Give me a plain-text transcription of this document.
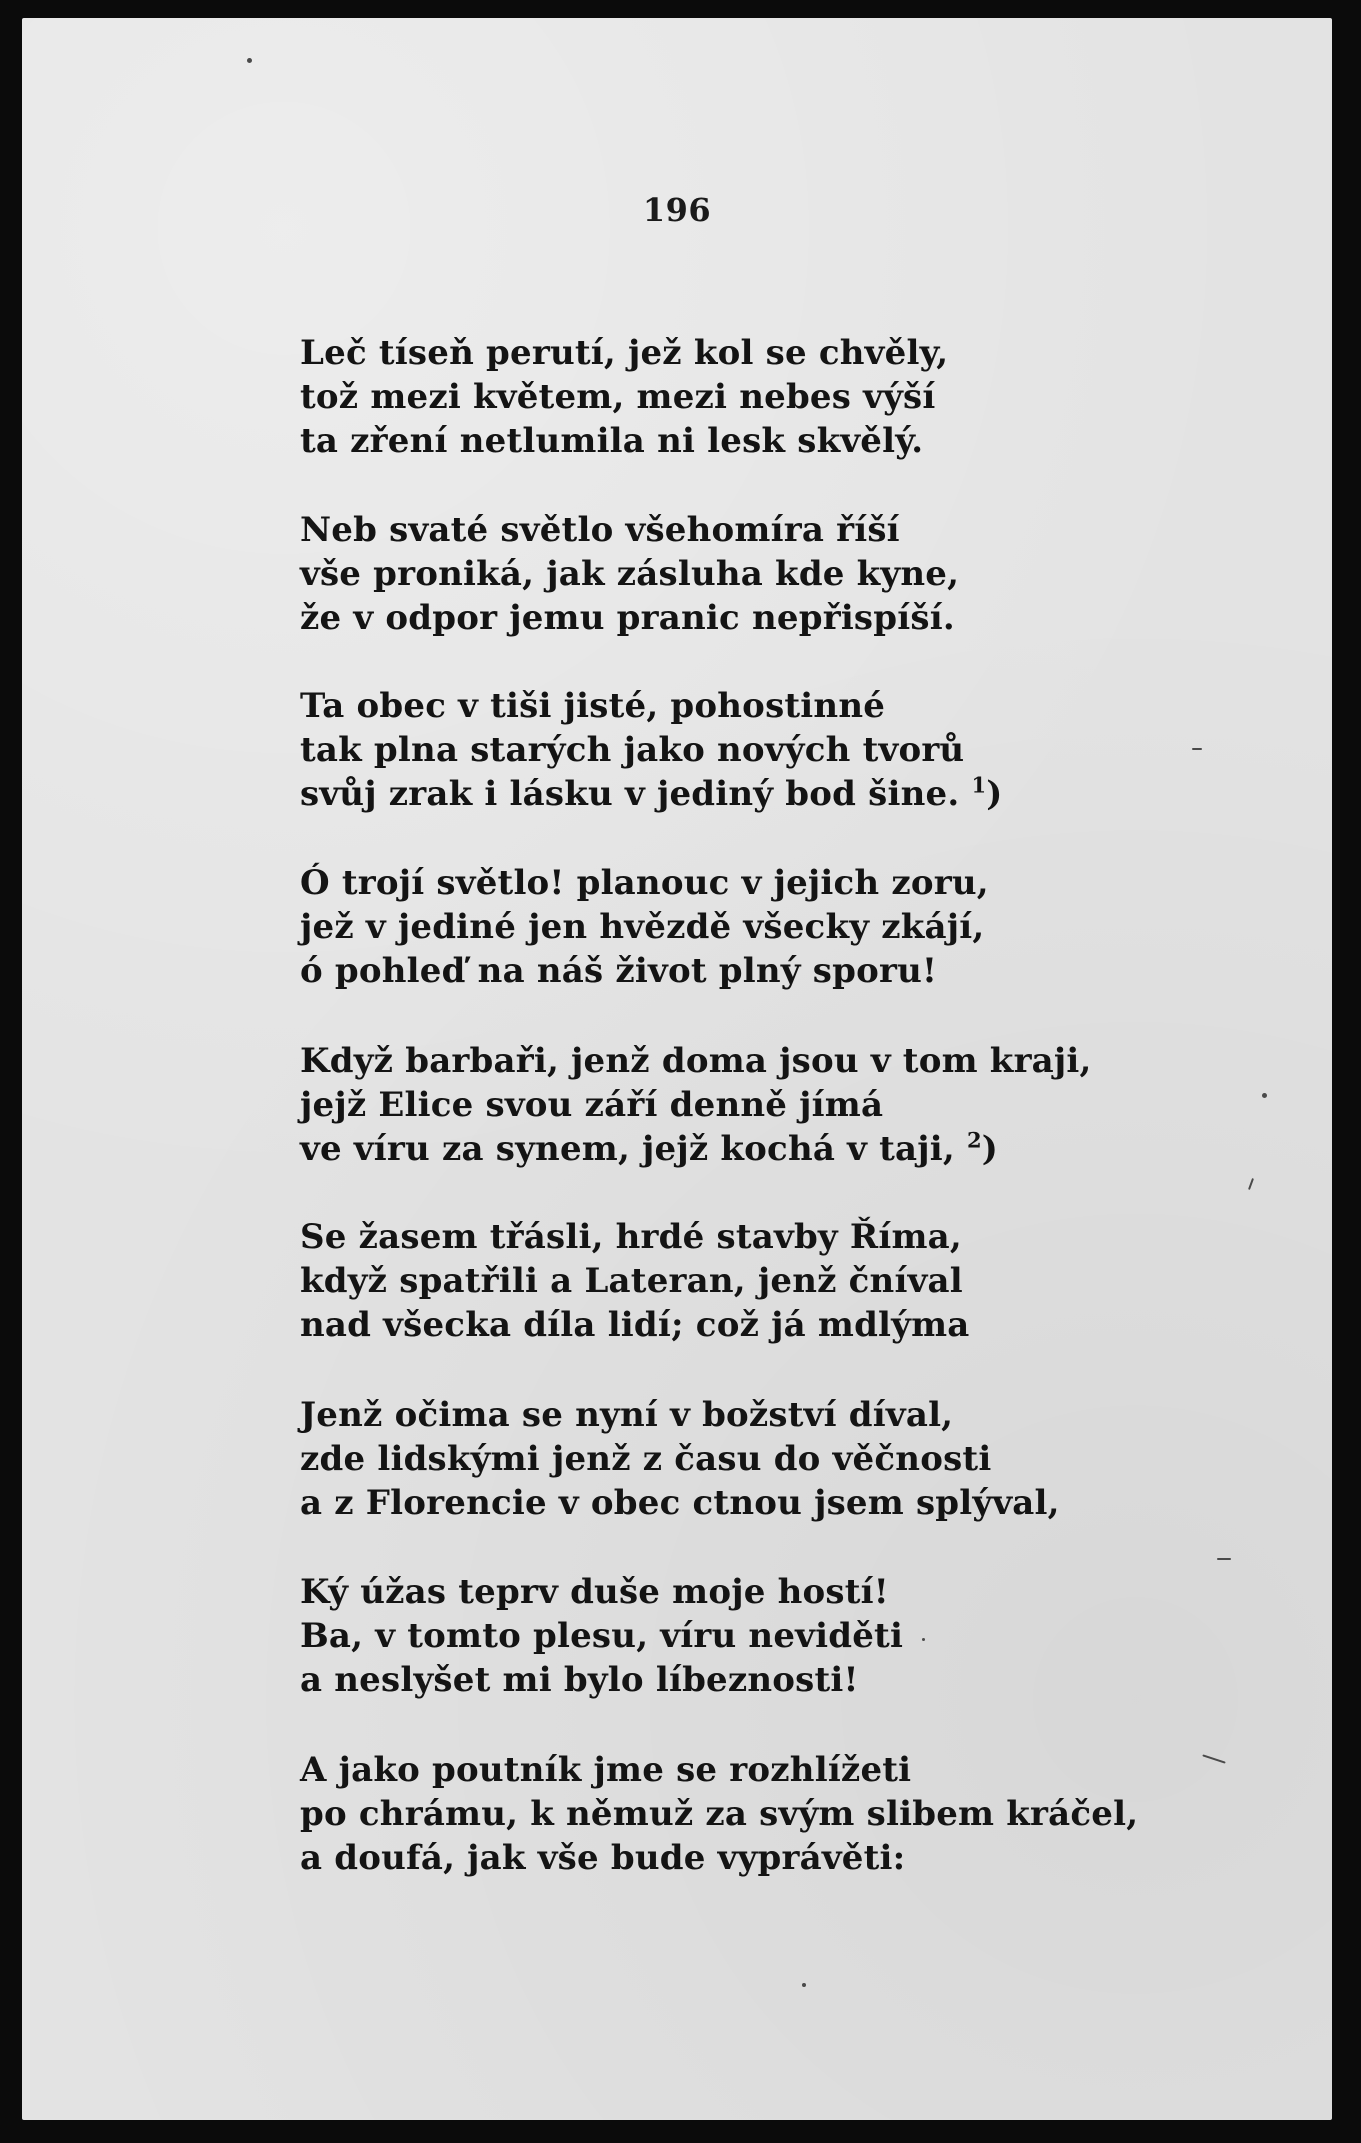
196
Leč tíseň perutí, jež kol se chvěly,
tož mezi květem, mezi nebes výší
ta zření netlumila ni lesk skvělý.
Neb svaté světlo všehomíra říší
vše proniká, jak zásluha kde kyne,
že v odpor jemu pranic nepřispíší.
Ta obec v tiši jisté, pohostinné
tak plna starých jako nových tvorů
svůj zrak i lásku v jediný bod šine. $^1$)
Ó trojí světlo! planouc v jejich zoru,
jež v jediné jen hvězdě všecky zkájí,
ó pohleď na náš život plný sporu!
Když barbaři, jenž doma jsou v tom kraji,
jejž Elice svou září denně jímá
ve víru za synem, jejž kochá v taji, $^2$)
Se žasem třásli, hrdé stavby Říma,
když spatřili a Lateran, jenž čníval
nad všecka díla lidí; což já mdlýma
Jenž očima se nyní v božství díval,
zde lidskými jenž z času do věčnosti
a z Florencie v obec ctnou jsem splýval,
Ký úžas teprv duše moje hostí!
Ba, v tomto plesu, víru neviděti
a neslyšet mi bylo líbeznosti!
A jako poutník jme se rozhlížeti
po chrámu, k němuž za svým slibem kráčel,
a doufá, jak vše bude vyprávěti:
